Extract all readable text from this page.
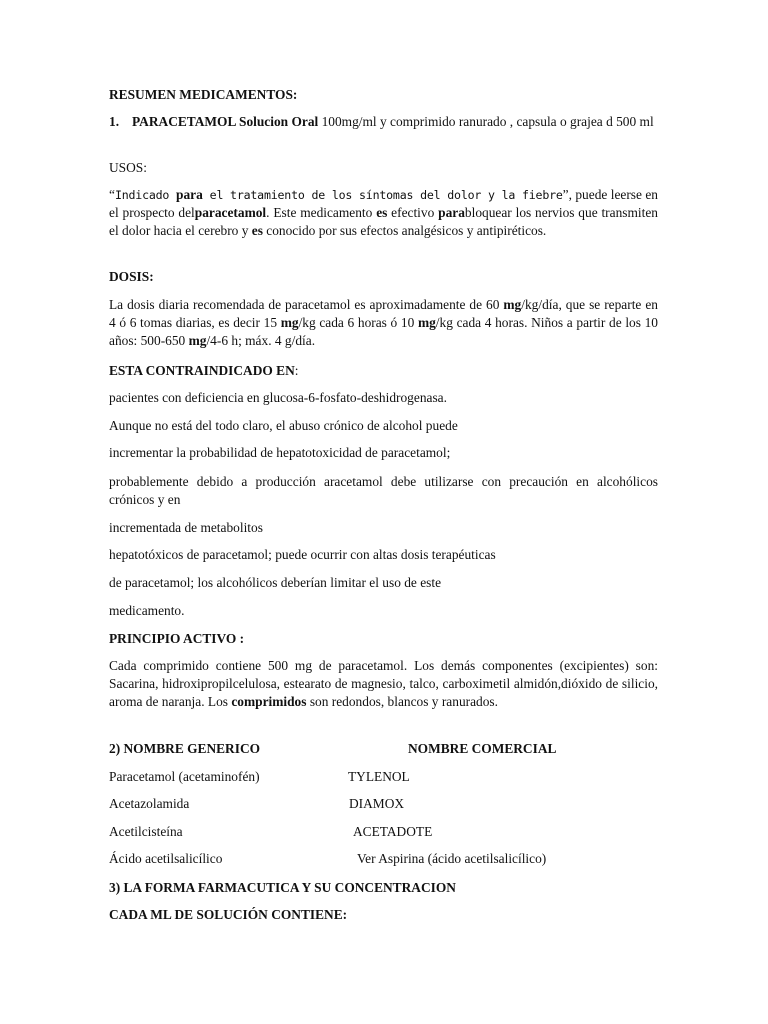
RESUMEN MEDICAMENTOS:

1. PARACETAMOL Solucion Oral 100mg/ml y comprimido ranurado , capsula o grajea d 500 ml

USOS:

“Indicado para el tratamiento de los síntomas del dolor y la fiebre”, puede leerse en el prospecto delparacetamol. Este medicamento es efectivo parabloquear los nervios que transmiten el dolor hacia el cerebro y es conocido por sus efectos analgésicos y antipiréticos.

DOSIS:

La dosis diaria recomendada de paracetamol es aproximadamente de 60 mg/kg/día, que se reparte en 4 ó 6 tomas diarias, es decir 15 mg/kg cada 6 horas ó 10 mg/kg cada 4 horas. Niños a partir de los 10 años: 500-650 mg/4-6 h; máx. 4 g/día.

ESTA CONTRAINDICADO EN:

pacientes con deficiencia en glucosa-6-fosfato-deshidrogenasa.

Aunque no está del todo claro, el abuso crónico de alcohol puede

incrementar la probabilidad de hepatotoxicidad de paracetamol;

probablemente debido a producción aracetamol debe utilizarse con precaución en alcohólicos crónicos y en

incrementada de metabolitos

hepatotóxicos de paracetamol; puede ocurrir con altas dosis terapéuticas

de paracetamol; los alcohólicos deberían limitar el uso de este

medicamento.

PRINCIPIO ACTIVO :

Cada comprimido contiene 500 mg de paracetamol. Los demás componentes (excipientes) son: Sacarina, hidroxipropilcelulosa, estearato de magnesio, talco, carboximetil almidón,dióxido de silicio, aroma de naranja. Los comprimidos son redondos, blancos y ranurados.

2) NOMBRE GENERICO	NOMBRE COMERCIAL

Paracetamol (acetaminofén)	TYLENOL

Acetazolamida	DIAMOX

Acetilcisteína	ACETADOTE

Ácido acetilsalicílico	Ver Aspirina (ácido acetilsalicílico)

3) LA FORMA FARMACUTICA Y SU CONCENTRACION

CADA ML DE SOLUCIÓN CONTIENE:
